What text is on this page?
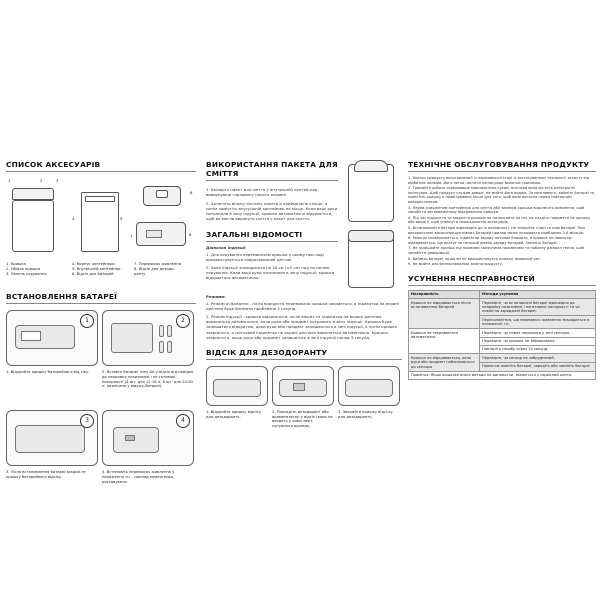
СПИСОК АКСЕСУАРІВ
1	2	3
4	5
6
7	8
1. Кришка
2. Обідок кришки
3. Панель керування
4. Корпус контейнера
5. Внутрішній контейнер
6. Відсік для батарей
7. Перемикач живлення
8. Відсік для дезодо-
ранту
ВСТАНОВЛЕННЯ БАТАРЕЇ
1	2
1. Відкрийте кришку батарейного від-сіку.	2. Вставте батареї типу АА у відсік від-повідно до напрямку позитивної і не-гативної полярності (4-шт. для 12-16 л, 6 шт. для 20-50 л, розмічено у відсіку-батареї).
3	4
3. Після встановлення батареї закрий-те кришку батарейного відсіку.
4. Встановіть перемикач живлення у положення «I» - прилад можна вико-ристовувати.
ВИКОРИСТАННЯ ПАКЕТА ДЛЯ СМІТТЯ
1. Вкладіть пакет для сміття у внутрішній контей-нер, вивернувши горловину пакета назовні.
2. Затягніть вільну частину пакета в приймальне кільце, а потім помістіть внутрішній контейнер на місце. Коли ваші руки потрапили в зону індукції, кришка автоматично відкриється, щоб ви могли викинути сміття у пакет для сміття.
ЗАГАЛЬНІ ВІДОМОСТІ
Діапазон індукції
1. Для керування перемикачем кришки у цьому при-ладі використовується інфрачервоний датчик.
2. Зона індукції знаходиться на 20 см (±5 см) над па-неллю керування. Коли ваші руки потрапили в зону індукції, кришка відкриється автоматично.
Режими:
1. Режим очікування - після відкриття перемикача кришки закриється, а індикатор на екрані дисплея буде блимати приблизно 5 секунд.
2. Режим індукції - кришка відкриється; після вікрит-тя індикатор на екрані дисплея вимкнеться автоматично, коли руки або предмет потрапить в зону індукції. Кришка буде залишатися відкритою, доки руки або предмет залишаються в зоні індукції, а потім кришка закриється, а світловий індикатор на екрані дисплея вимкнеться автоматично. Кришка закриється, якщо руки або предмет залишаться в зоні індукції понад 5 секунд.
ВІДСІК ДЛЯ ДЕЗОДОРАНТУ
1. Відкрийте кришку відсіку для дезодоранту.
2. Покладіть дезодорант або ароматизатор у відсік (вони не входять у комп-лект, купуються окремо).
3. Закрийте кришку відсі-ку для дезодоранту.
ТЕХНІЧНЕ ОБСЛУГОВУВАННЯ ПРОДУКТУ
1. Корпус продукту виготовлений із нержавіючої сталі із застосуванням технології захисту від відбитків пальців. Його легко чистити напівсухою вологою тканиною.
2. Тримайте робоче середовище максимально сухим, оскільки воно містить електронні аксесуари. Щоб продукт служив довше, не мийте його водою. За можливості, вийміть батареї та помістіть кришку в провітрюване місце для того, щоб вона висохла перед повторним використанням.
3. Перед очищенням контейнера для сміття або заміною кришки відключіть живлення, щоб запобігти автоматичному відкриванню кришки.
4. Під час відкриття та закриття кришки не натискайте на неї, не кладіть предмети на кришку або вище її, щоб уникнути пошкодження аксесуарів.
5. Встановлюйте батареї відповідно до їх полярності. Не змішуйте старі та нові батареї. При використанні високопродуктивних батарей прилад може працювати приблизно 3-6 місяців.
6. Реакція сповільнюється, індикатор заряду починає блимати, а кришка не повністю відкривається, що вказує на низький рівень заряду батарей. Замініть батареї.
7. Не залишайте прилад під прямими сонячними променями та поблизу джерел тепла, щоб запобігти деформації.
8. Вийміть батареї, якщо ви не використовуєте прилад тривалий час.
9. Не мийте для безпосередньої заміни продукту.
УСУНЕННЯ НЕСПРАВНОСТЕЙ
Несправність	Методи усунення
Кришка не відкривається після встановлення батарей	Перевірте, чи встановлені батареї відповідно до напрямку позитивної і негативної полярності та чи повністю заряджені батареї.
	Переконайтеся, що перемикач живлення знаходиться в положенні «I».
Кришка не закривається автоматично	Перевірте, чи немає перешкод у зоні сенсора.
	Перевірте, чи кришка не заблокована.
	Повторіть спробу через 10 секунд.
Кришка не відкривається, коли руки або предмет наближаються до сенсора	Перевірте, чи сенсор не забруднений.
	Повністю замініть батареї, зарядіть або замініть батареї.
Примітка: Якщо вищезазначені методи не допомогли, зверніться у сервісний центр.	
